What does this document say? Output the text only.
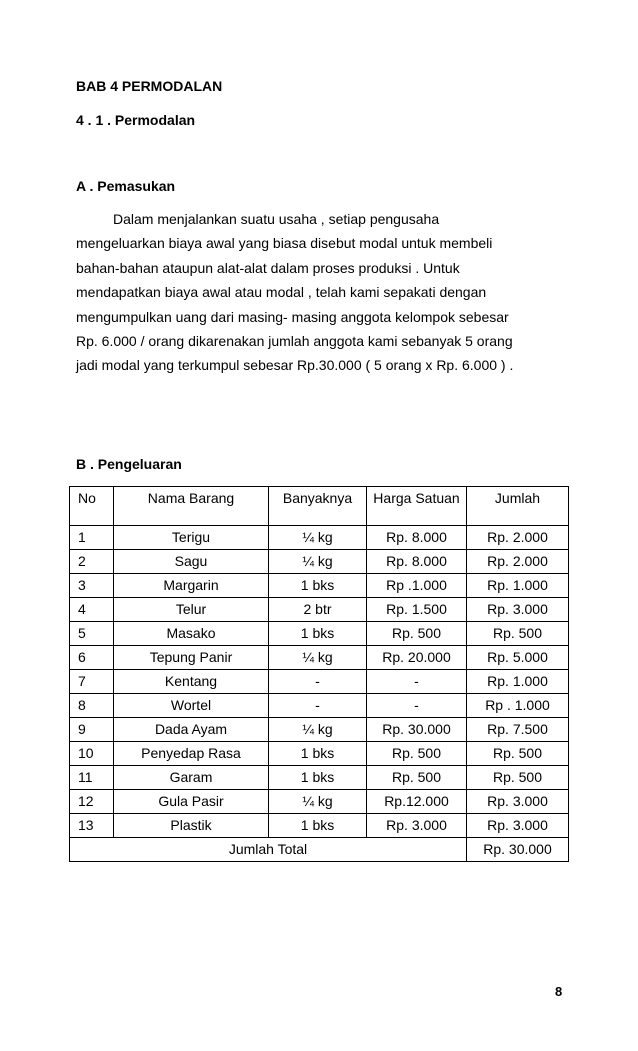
BAB 4 PERMODALAN
4 . 1 . Permodalan
A . Pemasukan

Dalam menjalankan suatu usaha , setiap pengusaha

mengeluarkan biaya awal yang biasa disebut modal untuk membeli

bahan-bahan ataupun alat-alat dalam proses produksi . Untuk

mendapatkan biaya awal atau modal , telah kami sepakati dengan

mengumpulkan uang dari masing- masing anggota kelompok sebesar

Rp. 6.000 / orang dikarenakan jumlah anggota kami sebanyak 5 orang

jadi modal yang terkumpul sebesar Rp.30.000 ( 5 orang x Rp. 6.000 ) .

B . Pengeluaran
No	Nama Barang	Banyaknya	Harga Satuan	Jumlah
1	Terigu	¼ kg	Rp. 8.000	Rp. 2.000
2	Sagu	¼ kg	Rp. 8.000	Rp. 2.000
3	Margarin	1 bks	Rp .1.000	Rp. 1.000
4	Telur	2 btr	Rp. 1.500	Rp. 3.000
5	Masako	1 bks	Rp. 500	Rp. 500
6	Tepung Panir	¼ kg	Rp. 20.000	Rp. 5.000
7	Kentang	-	-	Rp. 1.000
8	Wortel	-	-	Rp . 1.000
9	Dada Ayam	¼ kg	Rp. 30.000	Rp. 7.500
10	Penyedap Rasa	1 bks	Rp. 500	Rp. 500
11	Garam	1 bks	Rp. 500	Rp. 500
12	Gula Pasir	¼ kg	Rp.12.000	Rp. 3.000
13	Plastik	1 bks	Rp. 3.000	Rp. 3.000
Jumlah Total				Rp. 30.000
8
